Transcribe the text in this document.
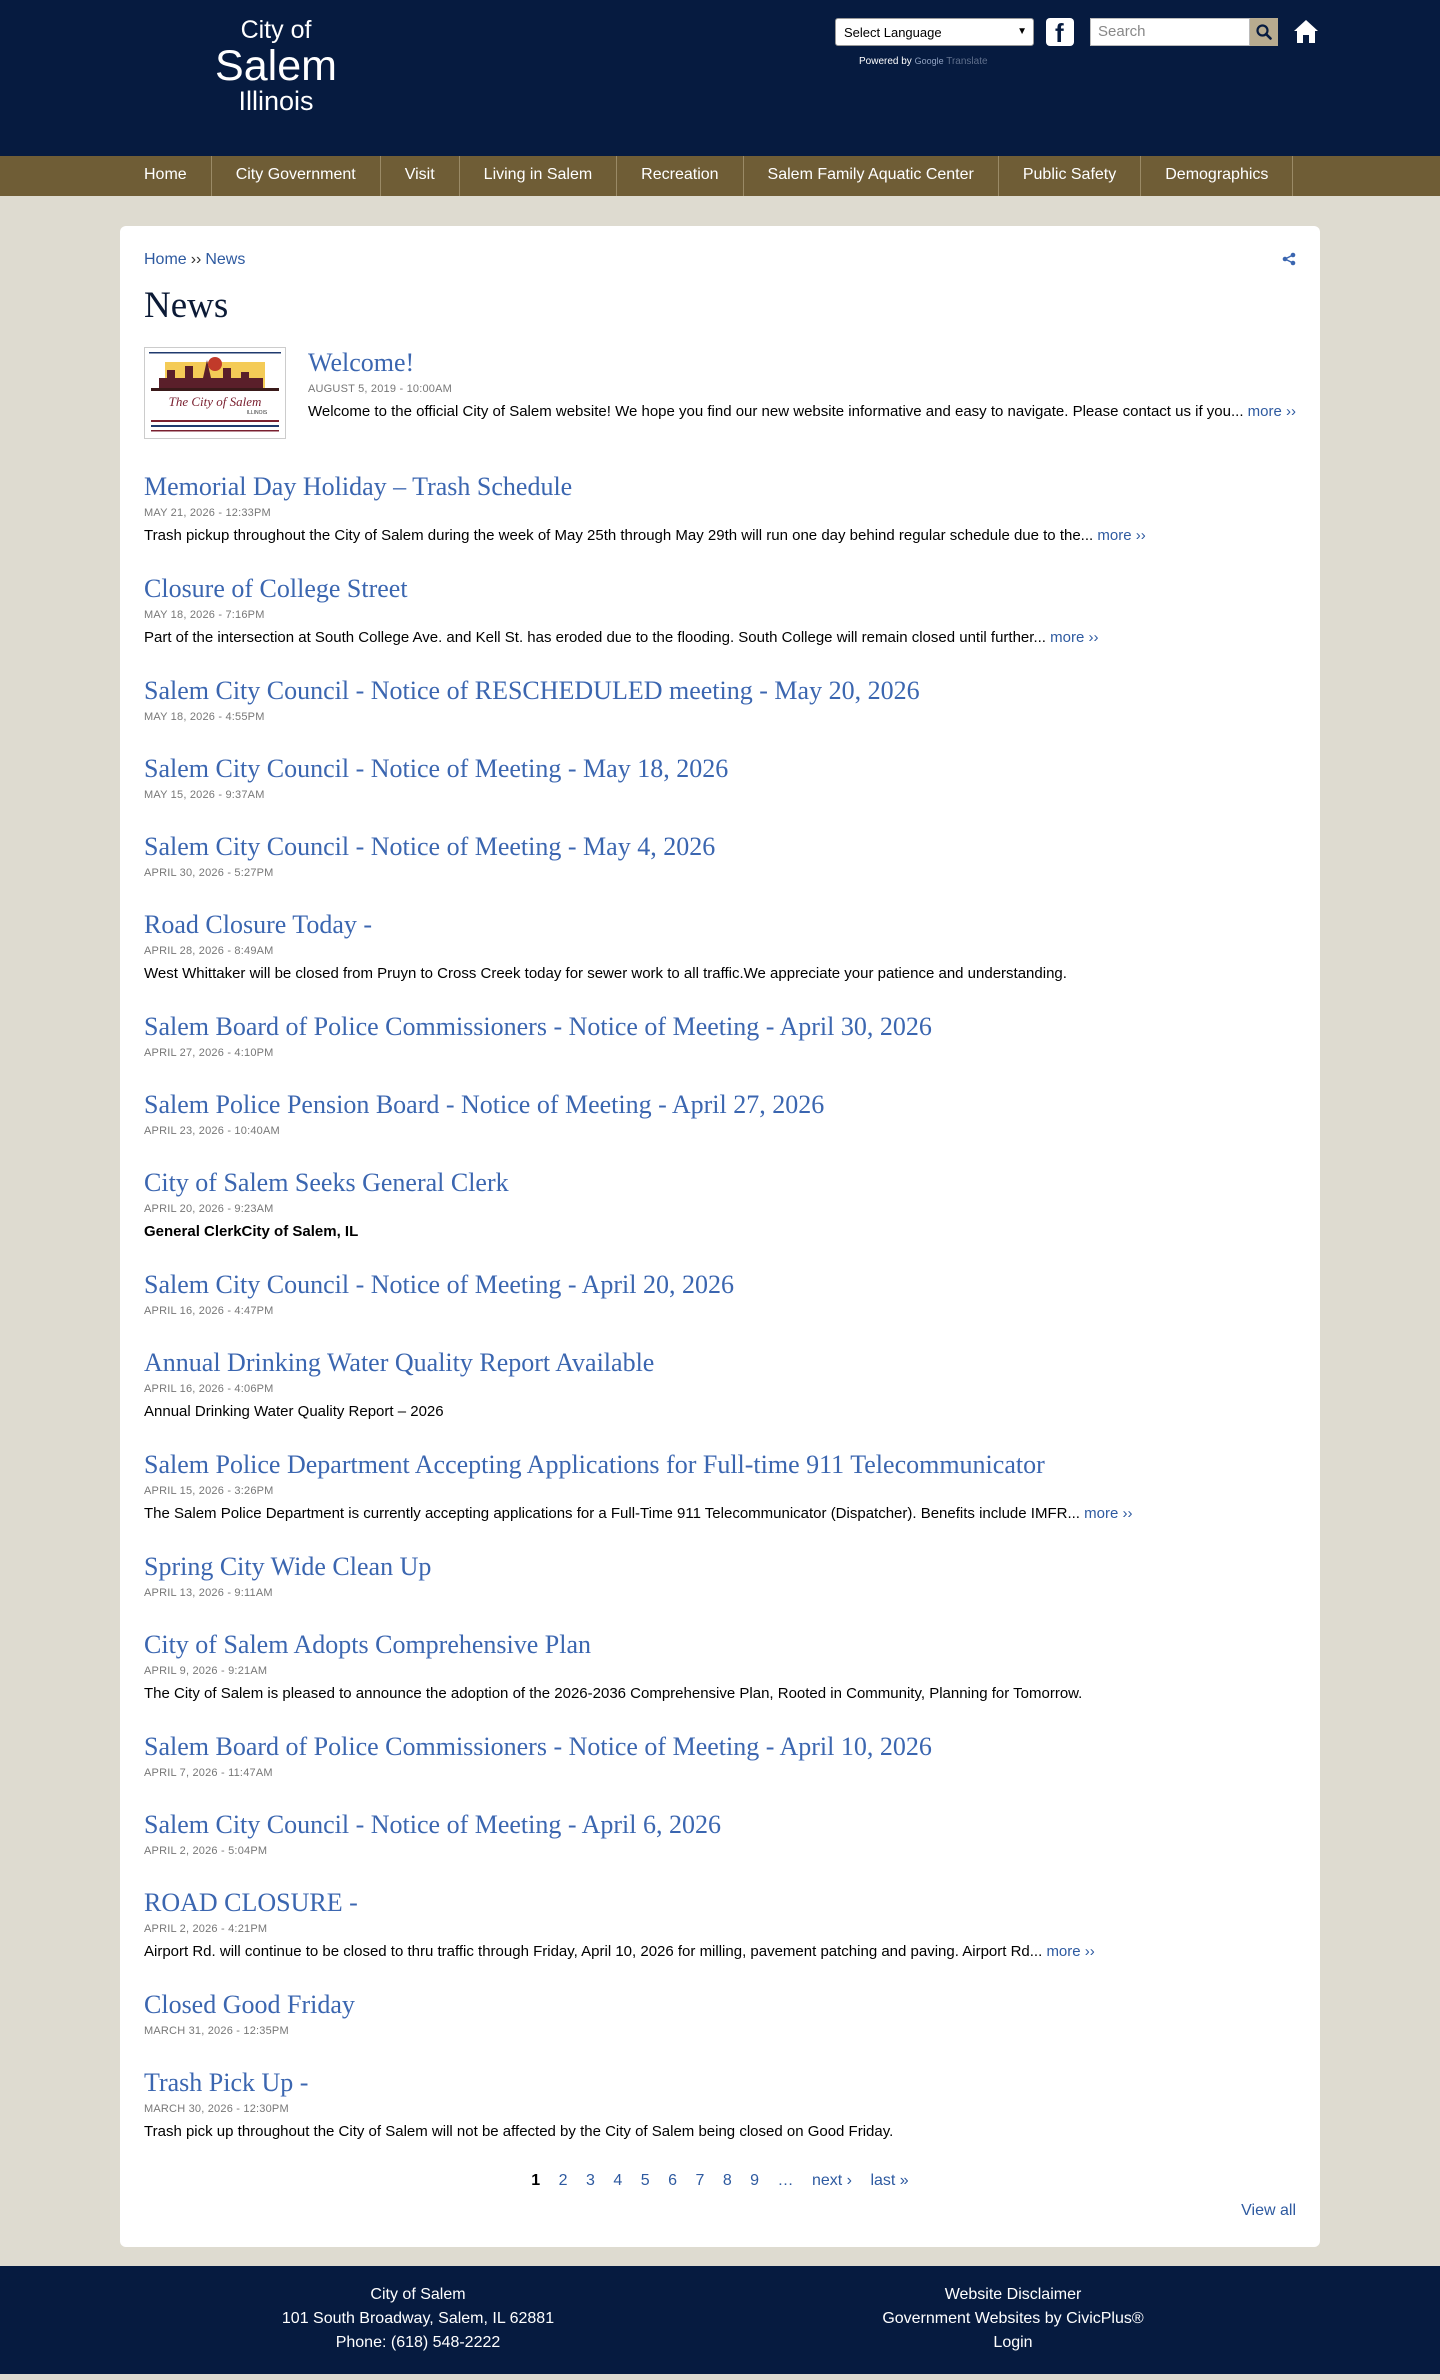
City of
Salem
Illinois
Select Language	▼
Powered by Google Translate
f	Search
Home	City Government	Visit	Living in Salem	Recreation	Salem Family Aquatic Center	Public Safety	Demographics
Home ›› News
News
The City of Salem
ILLINOIS
Welcome!
AUGUST 5, 2019 - 10:00AM
Welcome to the official City of Salem website! We hope you find our new website informative and easy to navigate. Please contact us if you... more ››
Memorial Day Holiday – Trash Schedule
MAY 21, 2026 - 12:33PM
Trash pickup throughout the City of Salem during the week of May 25th through May 29th will run one day behind regular schedule due to the... more ››
Closure of College Street
MAY 18, 2026 - 7:16PM
Part of the intersection at South College Ave. and Kell St. has eroded due to the flooding. South College will remain closed until further... more ››
Salem City Council - Notice of RESCHEDULED meeting - May 20, 2026
MAY 18, 2026 - 4:55PM
Salem City Council - Notice of Meeting - May 18, 2026
MAY 15, 2026 - 9:37AM
Salem City Council - Notice of Meeting - May 4, 2026
APRIL 30, 2026 - 5:27PM
Road Closure Today -
APRIL 28, 2026 - 8:49AM
West Whittaker will be closed from Pruyn to Cross Creek today for sewer work to all traffic.We appreciate your patience and understanding.
Salem Board of Police Commissioners - Notice of Meeting - April 30, 2026
APRIL 27, 2026 - 4:10PM
Salem Police Pension Board - Notice of Meeting - April 27, 2026
APRIL 23, 2026 - 10:40AM
City of Salem Seeks General Clerk
APRIL 20, 2026 - 9:23AM
General ClerkCity of Salem, IL
Salem City Council - Notice of Meeting - April 20, 2026
APRIL 16, 2026 - 4:47PM
Annual Drinking Water Quality Report Available
APRIL 16, 2026 - 4:06PM
Annual Drinking Water Quality Report – 2026
Salem Police Department Accepting Applications for Full-time 911 Telecommunicator
APRIL 15, 2026 - 3:26PM
The Salem Police Department is currently accepting applications for a Full-Time 911 Telecommunicator (Dispatcher). Benefits include IMFR... more ››
Spring City Wide Clean Up
APRIL 13, 2026 - 9:11AM
City of Salem Adopts Comprehensive Plan
APRIL 9, 2026 - 9:21AM
The City of Salem is pleased to announce the adoption of the 2026-2036 Comprehensive Plan, Rooted in Community, Planning for Tomorrow.
Salem Board of Police Commissioners - Notice of Meeting - April 10, 2026
APRIL 7, 2026 - 11:47AM
Salem City Council - Notice of Meeting - April 6, 2026
APRIL 2, 2026 - 5:04PM
ROAD CLOSURE -
APRIL 2, 2026 - 4:21PM
Airport Rd. will continue to be closed to thru traffic through Friday, April 10, 2026 for milling, pavement patching and paving. Airport Rd... more ››
Closed Good Friday
MARCH 31, 2026 - 12:35PM
Trash Pick Up -
MARCH 30, 2026 - 12:30PM
Trash pick up throughout the City of Salem will not be affected by the City of Salem being closed on Good Friday.
1 2 3 4 5 6 7 8 9 … next › last »
View all
City of Salem
101 South Broadway, Salem, IL 62881
Phone: (618) 548-2222
Website Disclaimer
Government Websites by CivicPlus®
Login
